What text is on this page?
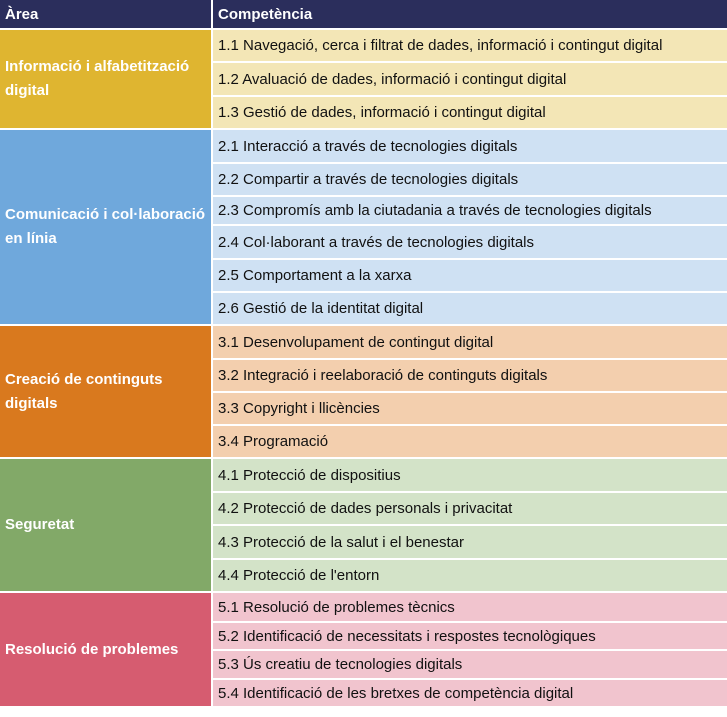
Àrea	Competència
Informació i alfabetització digital
1.1 Navegació, cerca i filtrat de dades, informació i contingut digital
1.2 Avaluació de dades, informació i contingut digital
1.3 Gestió de dades, informació i contingut digital
Comunicació i col·laboració en línia
2.1 Interacció a través de tecnologies digitals
2.2 Compartir a través de tecnologies digitals
2.3 Compromís amb la ciutadania a través de tecnologies digitals
2.4 Col·laborant a través de tecnologies digitals
2.5 Comportament a la xarxa
2.6 Gestió de la identitat digital
Creació de continguts digitals
3.1 Desenvolupament de contingut digital
3.2 Integració i reelaboració de continguts digitals
3.3 Copyright i llicències
3.4 Programació
Seguretat
4.1 Protecció de dispositius
4.2 Protecció de dades personals i privacitat
4.3 Protecció de la salut i el benestar
4.4 Protecció de l'entorn
Resolució de problemes
5.1 Resolució de problemes tècnics
5.2 Identificació de necessitats i respostes tecnològiques
5.3 Ús creatiu de tecnologies digitals
5.4 Identificació de les bretxes de competència digital
